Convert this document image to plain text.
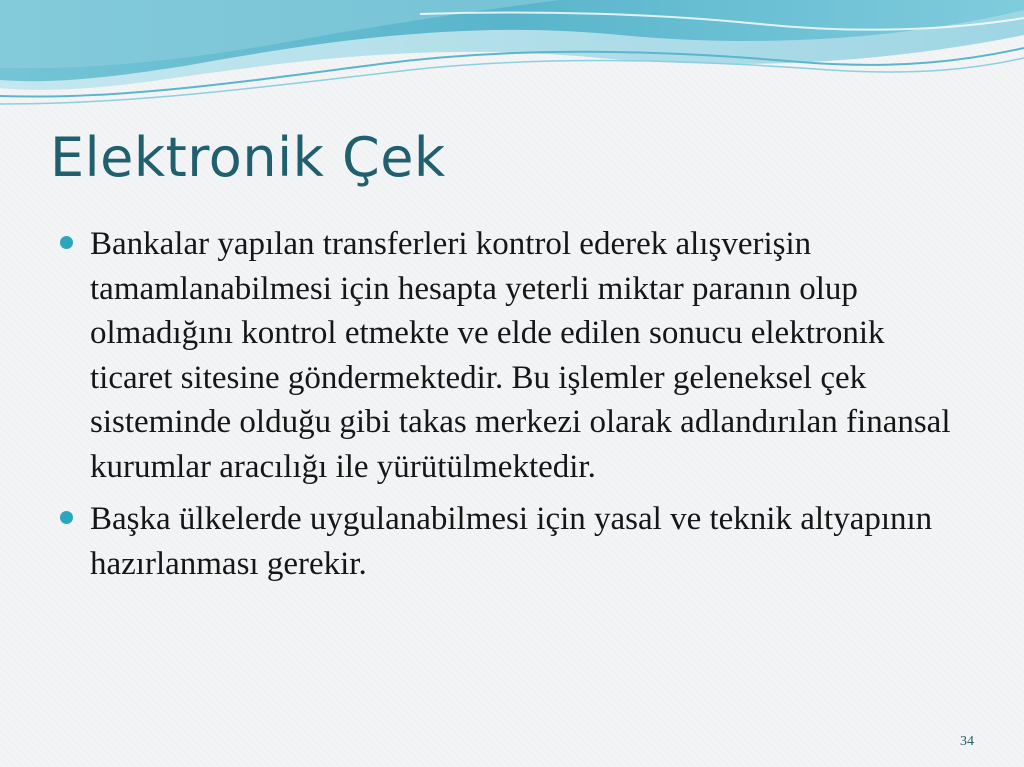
Elektronik Çek
Bankalar yapılan transferleri kontrol ederek alışverişin tamamlanabilmesi için hesapta yeterli miktar paranın olup olmadığını kontrol etmekte ve elde edilen sonucu elektronik ticaret sitesine göndermektedir. Bu işlemler geleneksel çek sisteminde olduğu gibi takas merkezi olarak adlandırılan finansal kurumlar aracılığı ile yürütülmektedir.
Başka ülkelerde uygulanabilmesi için yasal ve teknik altyapının hazırlanması gerekir.
34
